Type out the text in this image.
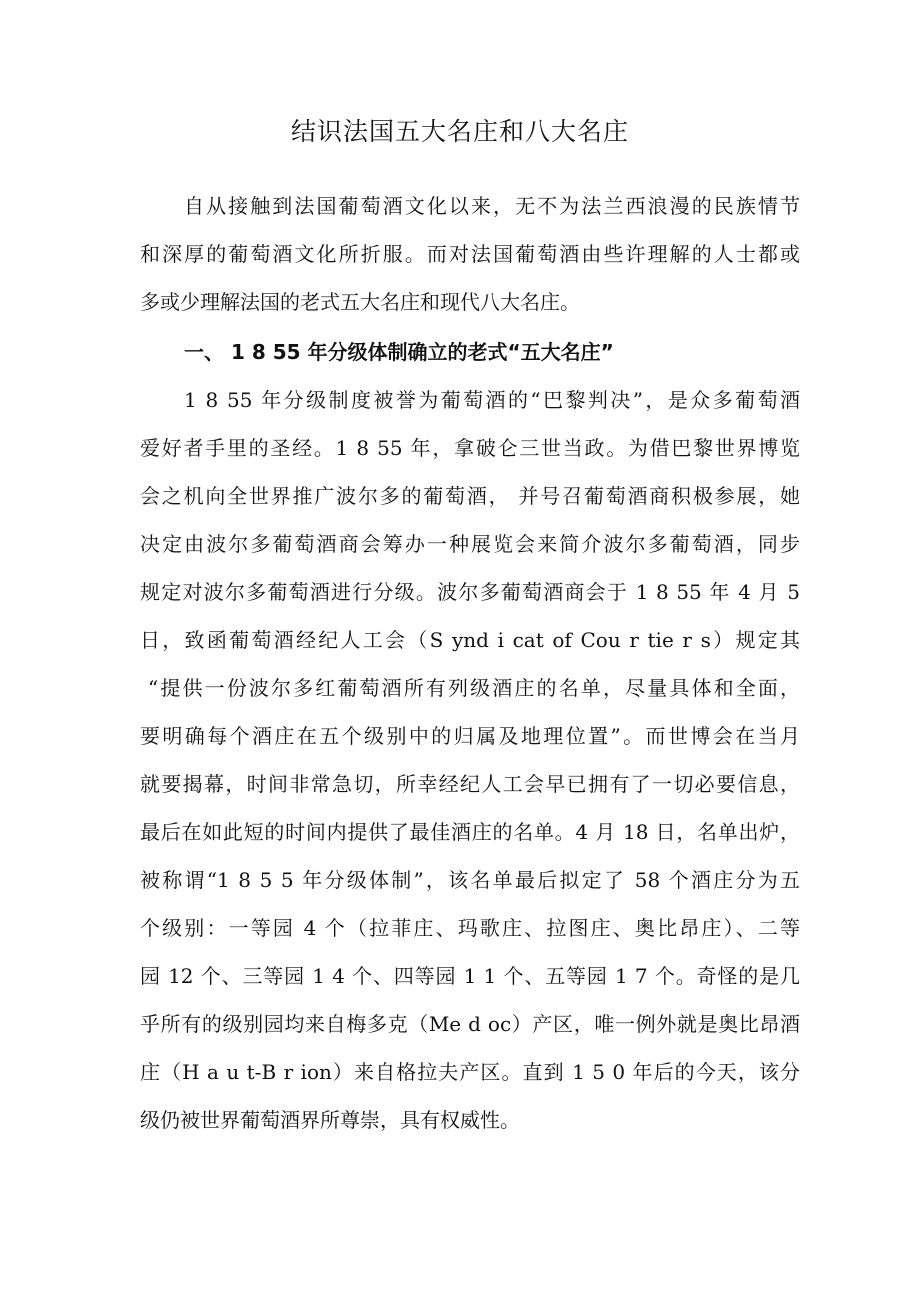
结识法国五大名庄和八大名庄

自从接触到法国葡萄酒文化以来，无不为法兰西浪漫的民族情节

和深厚的葡萄酒文化所折服。而对法国葡萄酒由些许理解的人士都或

多或少理解法国的老式五大名庄和现代八大名庄。

一、 1 8 55 年分级体制确立的老式“五大名庄”

1 8 55 年分级制度被誉为葡萄酒的“巴黎判决”，是众多葡萄酒

爱好者手里的圣经。1 8 55 年，拿破仑三世当政。为借巴黎世界博览

会之机向全世界推广波尔多的葡萄酒， 并号召葡萄酒商积极参展，她

决定由波尔多葡萄酒商会筹办一种展览会来简介波尔多葡萄酒，同步

规定对波尔多葡萄酒进行分级。波尔多葡萄酒商会于 1 8 55 年 4 月 5

日，致函葡萄酒经纪人工会（S ynd i cat of Cou r tie r s）规定其

“提供一份波尔多红葡萄酒所有列级酒庄的名单，尽量具体和全面，

要明确每个酒庄在五个级别中的归属及地理位置”。而世博会在当月

就要揭幕，时间非常急切，所幸经纪人工会早已拥有了一切必要信息，

最后在如此短的时间内提供了最佳酒庄的名单。4 月 18 日，名单出炉，

被称谓“1 8 5 5 年分级体制”，该名单最后拟定了 58 个酒庄分为五

个级别：一等园 4 个（拉菲庄、玛歌庄、拉图庄、奥比昂庄）、二等

园 12 个、三等园 1 4 个、四等园 1 1 个、五等园 1 7 个。奇怪的是几

乎所有的级别园均来自梅多克（Me d oc）产区，唯一例外就是奥比昂酒

庄（H a u t-B r ion）来自格拉夫产区。直到 1 5 0 年后的今天，该分

级仍被世界葡萄酒界所尊崇，具有权威性。
